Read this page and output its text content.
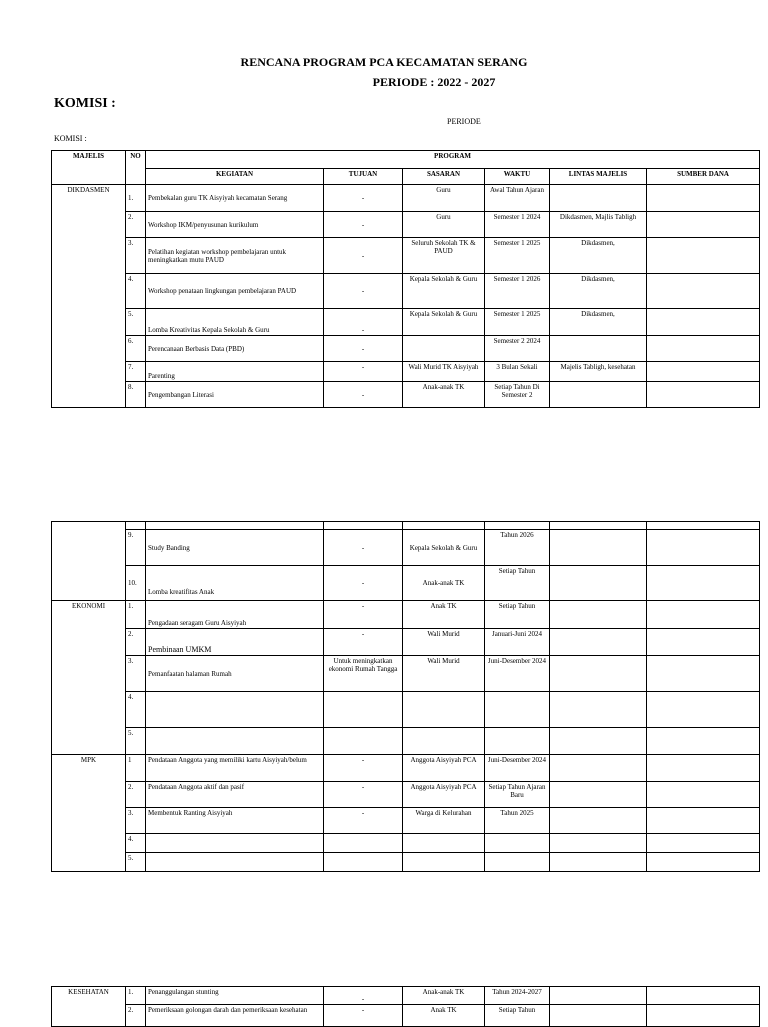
RENCANA PROGRAM PCA KECAMATAN SERANG
PERIODE : 2022 - 2027
KOMISI :
PERIODE
KOMISI :
MAJELIS	NO	PROGRAM					
		KEGIATAN	TUJUAN	SASARAN	WAKTU	LINTAS MAJELIS	SUMBER DANA
DIKDASMEN	1.	Pembekalan guru TK Aisyiyah kecamatan Serang	-	Guru	Awal Tahun Ajaran		
	2.	Workshop IKM/penyusunan kurikulum	-	Guru	Semester 1 2024	Dikdasmen, Majlis Tabligh	
	3.	Pelatihan kegiatan workshop pembelajaran untuk meningkatkan mutu PAUD	-	Seluruh Sekolah TK & PAUD	Semester 1 2025	Dikdasmen,	
	4.	Workshop penataan lingkungan pembelajaran PAUD	-	Kepala Sekolah & Guru	Semester 1 2026	Dikdasmen,	
	5.	Lomba Kreativitas Kepala Sekolah & Guru	-	Kepala Sekolah & Guru	Semester 1 2025	Dikdasmen,	
	6.	Perencanaan Berbasis Data (PBD)	-		Semester 2 2024		
	7.	Parenting	-	Wali Murid TK Aisyiyah	3 Bulan Sekali	Majelis Tabligh, kesehatan	
	8.	Pengembangan Literasi	-	Anak-anak TK	Setiap Tahun Di Semester 2		

	9.	Study Banding	-	Kepala Sekolah & Guru	Tahun 2026		
	10.	Lomba kreatifitas Anak	-	Anak-anak TK	Setiap Tahun		
EKONOMI	1.	Pengadaan seragam Guru Aisyiyah	-	Anak TK	Setiap Tahun		
	2.	Pembinaan UMKM	-	Wali Murid	Januari-Juni 2024		
	3.	Pemanfaatan halaman Rumah	Untuk meningkatkan ekonomi Rumah Tangga	Wali Murid	Juni-Desember 2024		
	4.						
	5.						
MPK	1	Pendataan Anggota yang memiliki kartu Aisyiyah/belum	-	Anggota Aisyiyah PCA	Juni-Desember 2024		
	2.	Pendataan Anggota aktif dan pasif	-	Anggota Aisyiyah PCA	Setiap Tahun Ajaran Baru		
	3.	Membentuk Ranting Aisyiyah	-	Warga di Kelurahan	Tahun 2025		
	4.						
	5.						
KESEHATAN	1.	Penanggulangan stunting	-	Anak-anak TK	Tahun 2024-2027		
	2.	Pemeriksaan golongan darah dan pemeriksaan kesehatan	-	Anak TK	Setiap Tahun		
